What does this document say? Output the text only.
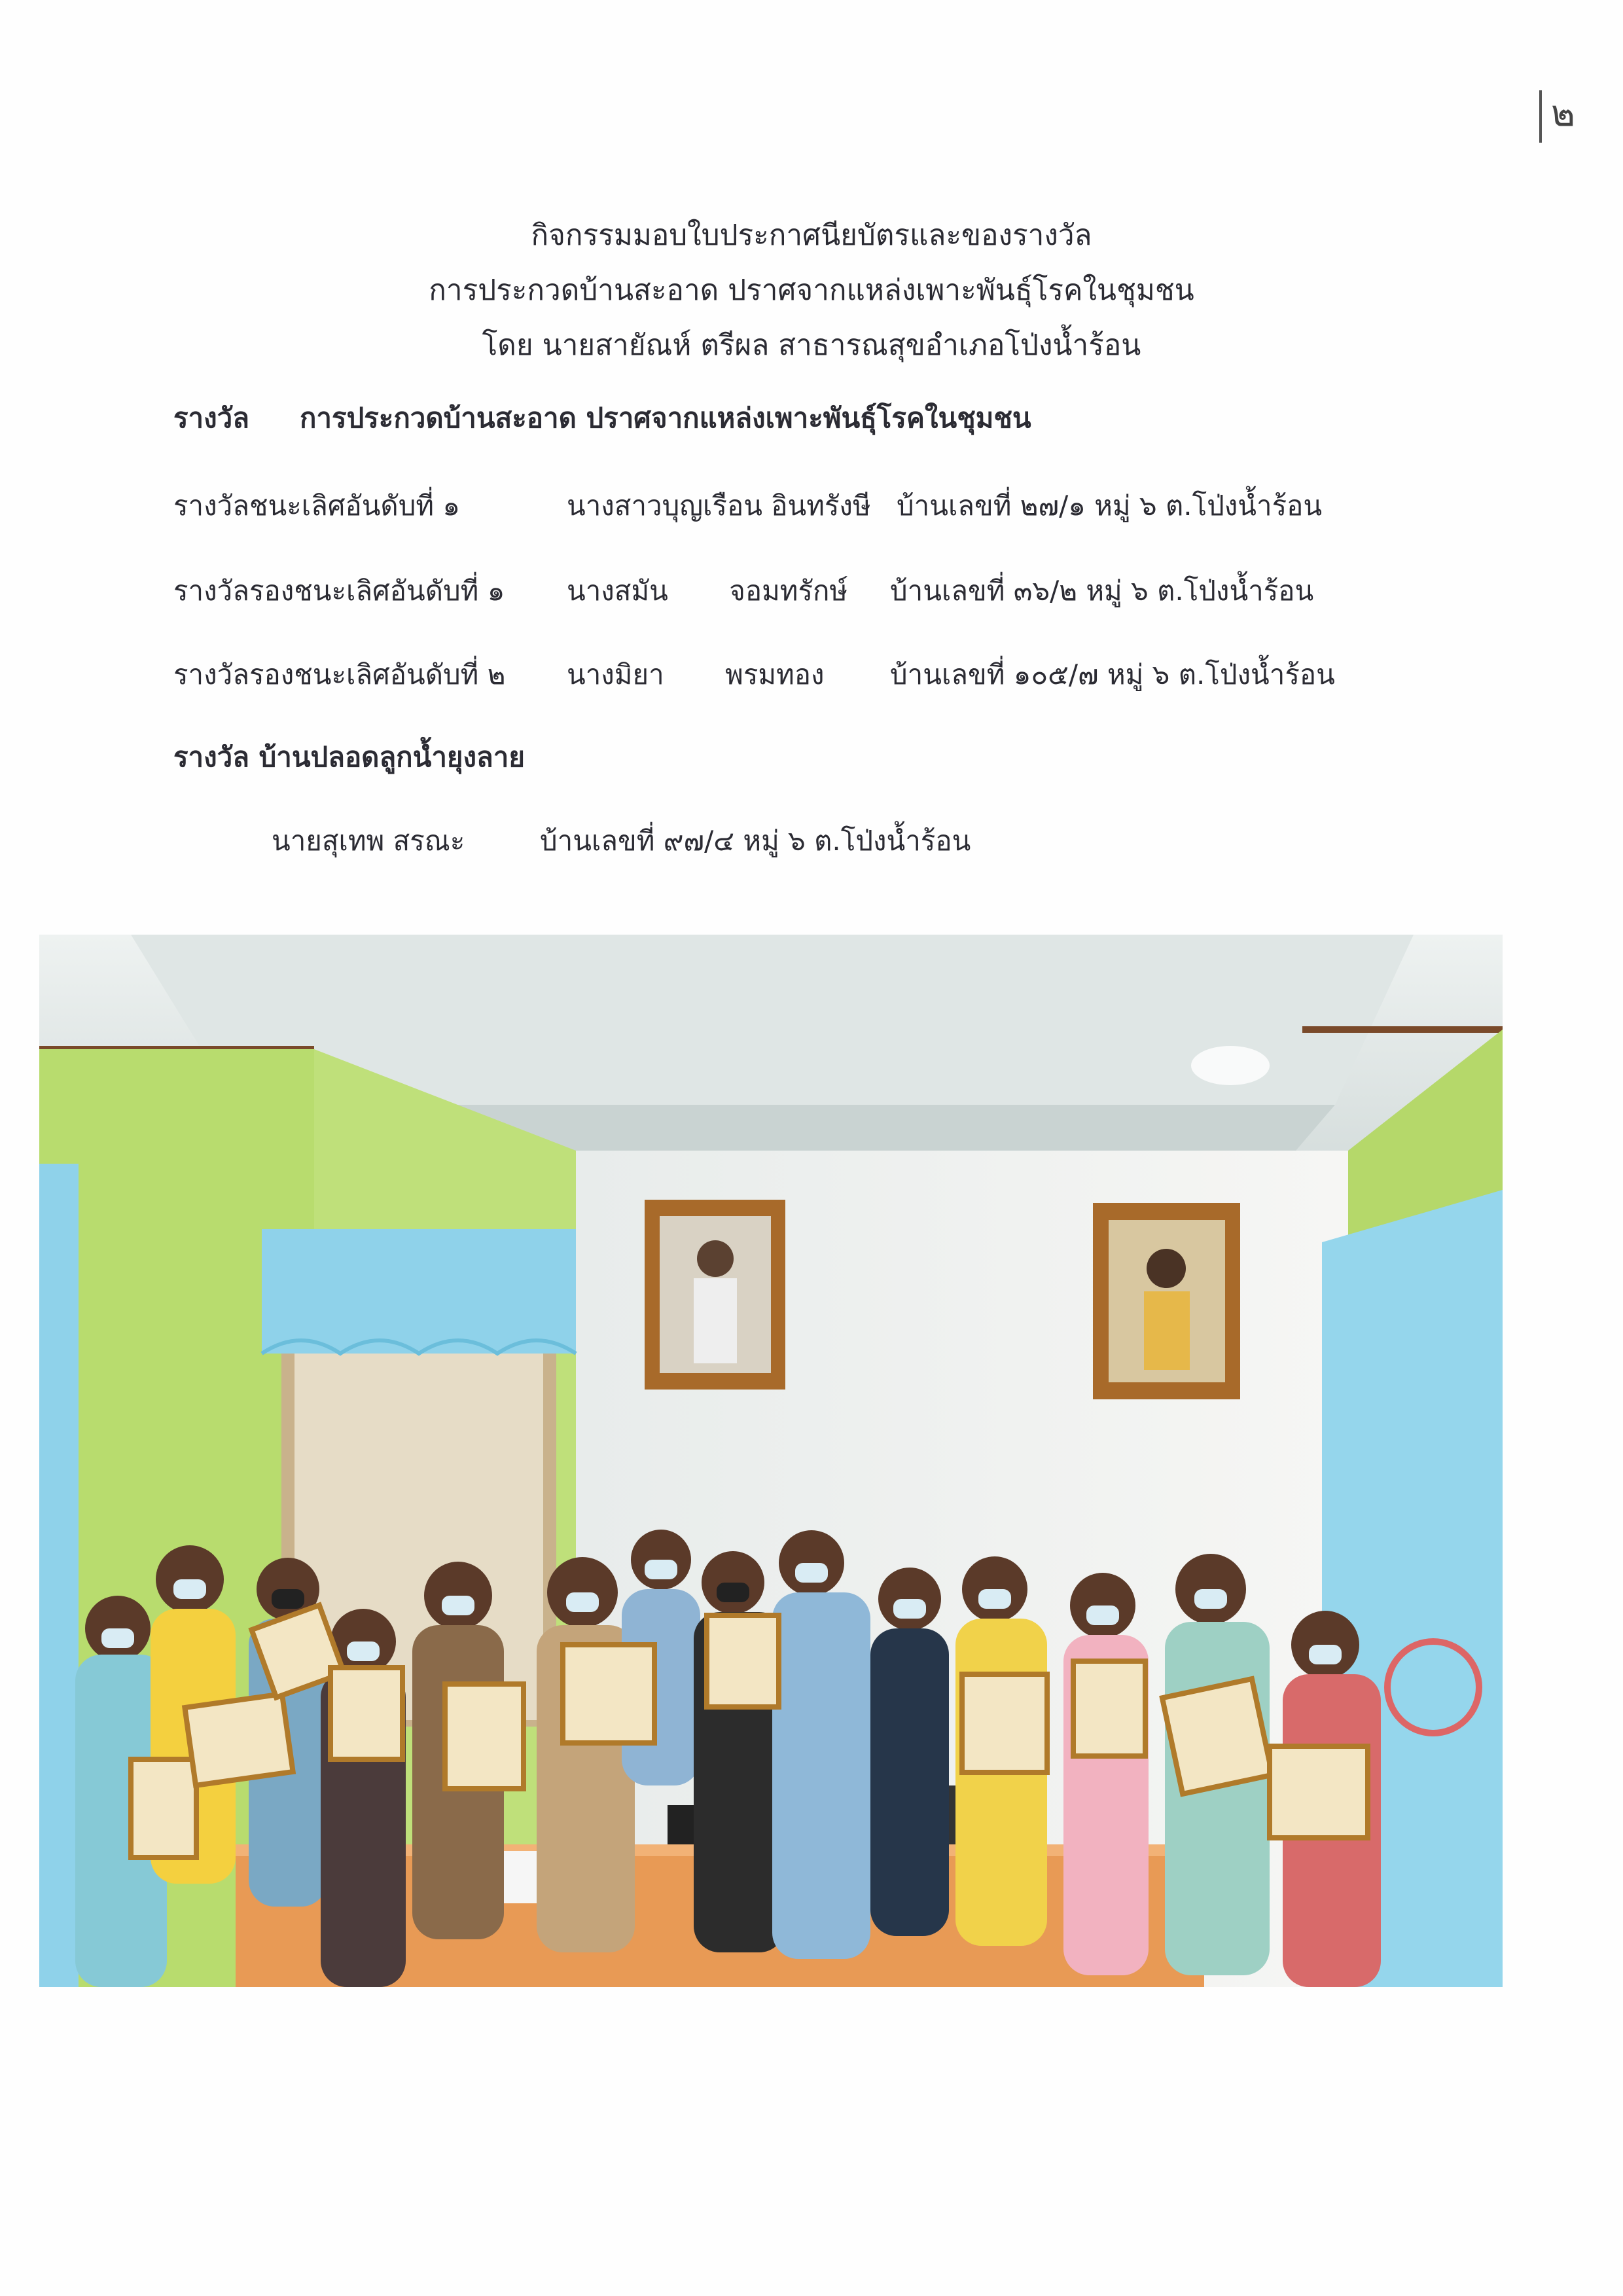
๒
กิจกรรมมอบใบประกาศนียบัตรและของรางวัล
การประกวดบ้านสะอาด ปราศจากแหล่งเพาะพันธุ์โรคในชุมชน
โดย นายสายัณห์ ตรีผล สาธารณสุขอำเภอโป่งน้ำร้อน
รางวัล การประกวดบ้านสะอาด ปราศจากแหล่งเพาะพันธุ์โรคในชุมชน
รางวัลชนะเลิศอันดับที่ ๑	นางสาวบุญเรือน อินทรังษี บ้านเลขที่ ๒๗/๑ หมู่ ๖ ต.โป่งน้ำร้อน
รางวัลรองชนะเลิศอันดับที่ ๑ นางสมัน       จอมทรักษ์ บ้านเลขที่ ๓๖/๒ หมู่ ๖ ต.โป่งน้ำร้อน
รางวัลรองชนะเลิศอันดับที่ ๒ นางมิยา       พรมทอง บ้านเลขที่ ๑๐๕/๗ หมู่ ๖ ต.โป่งน้ำร้อน
รางวัล บ้านปลอดลูกน้ำยุงลาย
นายสุเทพ สรณะ	บ้านเลขที่ ๙๗/๔ หมู่ ๖ ต.โป่งน้ำร้อน
